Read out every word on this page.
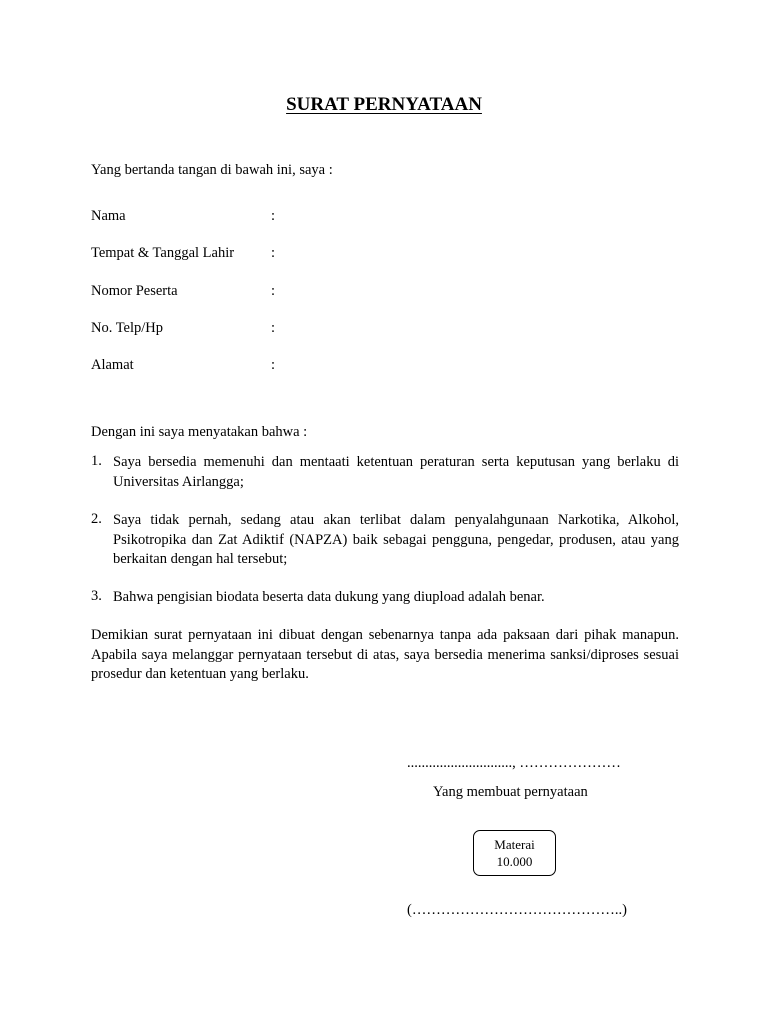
SURAT PERNYATAAN
Yang bertanda tangan di bawah ini, saya :
Nama	:
Tempat & Tanggal Lahir	:
Nomor Peserta	:
No. Telp/Hp	:
Alamat	:
Dengan ini saya menyatakan bahwa :
1. Saya bersedia memenuhi dan mentaati ketentuan peraturan serta keputusan yang berlaku di Universitas Airlangga;
2. Saya tidak pernah, sedang atau akan terlibat dalam penyalahgunaan Narkotika, Alkohol, Psikotropika dan Zat Adiktif (NAPZA) baik sebagai pengguna, pengedar, produsen, atau yang berkaitan dengan hal tersebut;
3. Bahwa pengisian biodata beserta data dukung yang diupload adalah benar.
Demikian surat pernyataan ini dibuat dengan sebenarnya tanpa ada paksaan dari pihak manapun. Apabila saya melanggar pernyataan tersebut di atas, saya bersedia menerima sanksi/diproses sesuai prosedur dan ketentuan yang berlaku.
............................., …………………
Yang membuat pernyataan
Materai
10.000
(……………………………………..)
